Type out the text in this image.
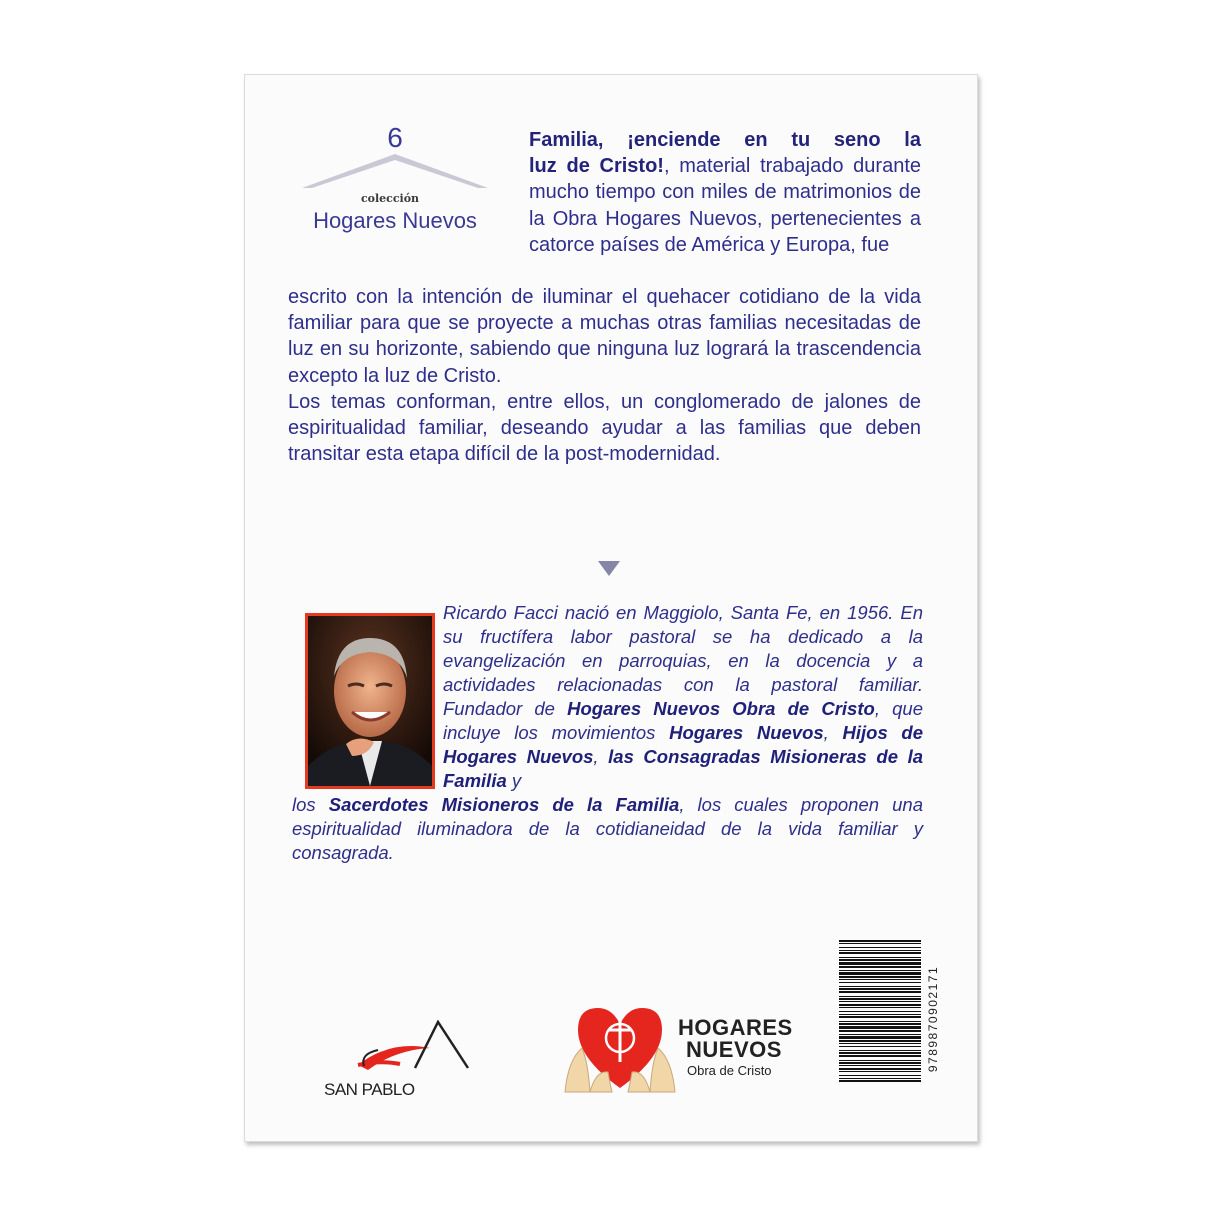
6
colección
Hogares Nuevos
Familia, ¡enciende en tu seno la
luz de Cristo!, material trabajado durante mucho tiempo con miles de matrimonios de la Obra Hogares Nuevos, pertenecientes a catorce países de América y Europa, fue
escrito con la intención de iluminar el quehacer cotidiano de la vida familiar para que se proyecte a muchas otras familias necesitadas de luz en su horizonte, sabiendo que ninguna luz logrará la trascendencia excepto la luz de Cristo.
Los temas conforman, entre ellos, un conglomerado de jalones de espiritualidad familiar, deseando ayudar a las familias que deben transitar esta etapa difícil de la post-modernidad.
Ricardo Facci nació en Maggiolo, Santa Fe, en 1956. En su fructífera labor pastoral se ha dedicado a la evangelización en parroquias, en la docencia y a actividades relacionadas con la pastoral familiar. Fundador de Hogares Nuevos Obra de Cristo, que incluye los movimientos Hogares Nuevos, Hijos de Hogares Nuevos, las Consagradas Misioneras de la Familia y
los Sacerdotes Misioneros de la Familia, los cuales proponen una espiritualidad iluminadora de la cotidianeidad de la vida familiar y consagrada.
9789870902171
SAN PABLO
HOGARES
NUEVOS
Obra de Cristo
